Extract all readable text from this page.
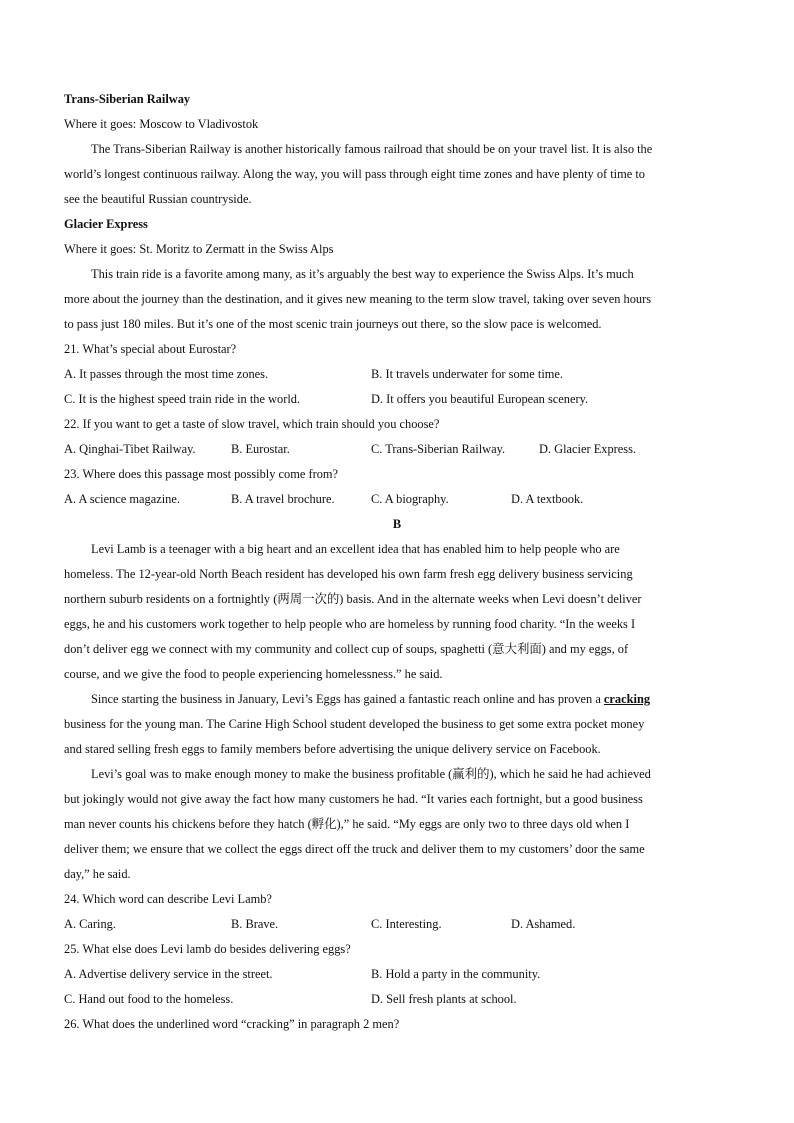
Trans-Siberian Railway
Where it goes: Moscow to Vladivostok
The Trans-Siberian Railway is another historically famous railroad that should be on your travel list. It is also the
world’s longest continuous railway. Along the way, you will pass through eight time zones and have plenty of time to
see the beautiful Russian countryside.
Glacier Express
Where it goes: St. Moritz to Zermatt in the Swiss Alps
This train ride is a favorite among many, as it’s arguably the best way to experience the Swiss Alps. It’s much
more about the journey than the destination, and it gives new meaning to the term slow travel, taking over seven hours
to pass just 180 miles. But it’s one of the most scenic train journeys out there, so the slow pace is welcomed.
21. What’s special about Eurostar?
A. It passes through the most time zones.	B. It travels underwater for some time.
C. It is the highest speed train ride in the world.	D. It offers you beautiful European scenery.
22. If you want to get a taste of slow travel, which train should you choose?
A. Qinghai-Tibet Railway.	B. Eurostar.	C. Trans-Siberian Railway.	D. Glacier Express.
23. Where does this passage most possibly come from?
A. A science magazine.	B. A travel brochure.	C. A biography.	D. A textbook.
B
Levi Lamb is a teenager with a big heart and an excellent idea that has enabled him to help people who are
homeless. The 12-year-old North Beach resident has developed his own farm fresh egg delivery business servicing
northern suburb residents on a fortnightly (两周一次的) basis. And in the alternate weeks when Levi doesn’t deliver
eggs, he and his customers work together to help people who are homeless by running food charity. “In the weeks I
don’t deliver egg we connect with my community and collect cup of soups, spaghetti (意大利面) and my eggs, of
course, and we give the food to people experiencing homelessness.” he said.
Since starting the business in January, Levi’s Eggs has gained a fantastic reach online and has proven a cracking
business for the young man. The Carine High School student developed the business to get some extra pocket money
and stared selling fresh eggs to family members before advertising the unique delivery service on Facebook.
Levi’s goal was to make enough money to make the business profitable (赢利的), which he said he had achieved
but jokingly would not give away the fact how many customers he had. “It varies each fortnight, but a good business
man never counts his chickens before they hatch (孵化),” he said. “My eggs are only two to three days old when I
deliver them; we ensure that we collect the eggs direct off the truck and deliver them to my customers’ door the same
day,” he said.
24. Which word can describe Levi Lamb?
A. Caring.	B. Brave.	C. Interesting.	D. Ashamed.
25. What else does Levi lamb do besides delivering eggs?
A. Advertise delivery service in the street.	B. Hold a party in the community.
C. Hand out food to the homeless.	D. Sell fresh plants at school.
26. What does the underlined word “cracking” in paragraph 2 men?
